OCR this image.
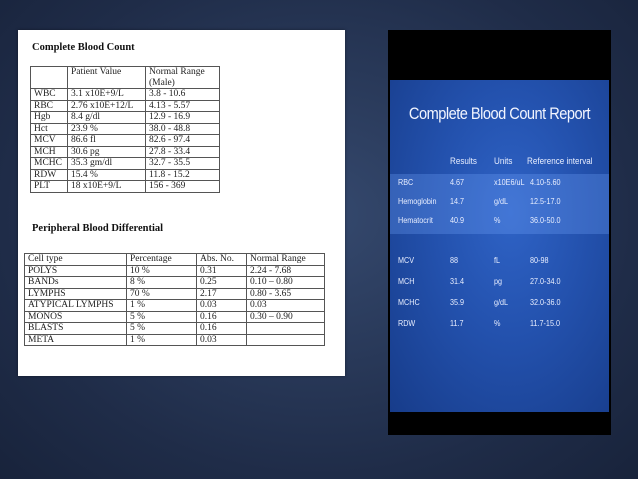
Complete Blood Count
	Patient Value	Normal Range (Male)
WBC	3.1 x10E+9/L	3.8 - 10.6
RBC	2.76 x10E+12/L	4.13 - 5.57
Hgb	8.4 g/dl	12.9 - 16.9
Hct	23.9 %	38.0 - 48.8
MCV	86.6 fl	82.6 - 97.4
MCH	30.6 pg	27.8 - 33.4
MCHC	35.3 gm/dl	32.7 - 35.5
RDW	15.4 %	11.8 - 15.2
PLT	18 x10E+9/L	156 - 369
Peripheral Blood Differential
Cell type	Percentage	Abs. No.	Normal Range
POLYS	10 %	0.31	2.24 - 7.68
BANDs	8 %	0.25	0.10 – 0.80
LYMPHS	70 %	2.17	0.80 - 3.65
ATYPICAL LYMPHS	1 %	0.03	0.03
MONOS	5 %	0.16	0.30 – 0.90
BLASTS	5 %	0.16	
META	1 %	0.03	
Complete Blood Count Report
Results Units Reference interval
RBC	4.67	x10E6/uL 4.10-5.60
Hemoglobin 14.7	g/dL	12.5-17.0
Hematocrit 40.9	%	36.0-50.0
MCV	88	fL	80-98
MCH	31.4	pg	27.0-34.0
MCHC	35.9	g/dL	32.0-36.0
RDW	11.7	%	11.7-15.0
